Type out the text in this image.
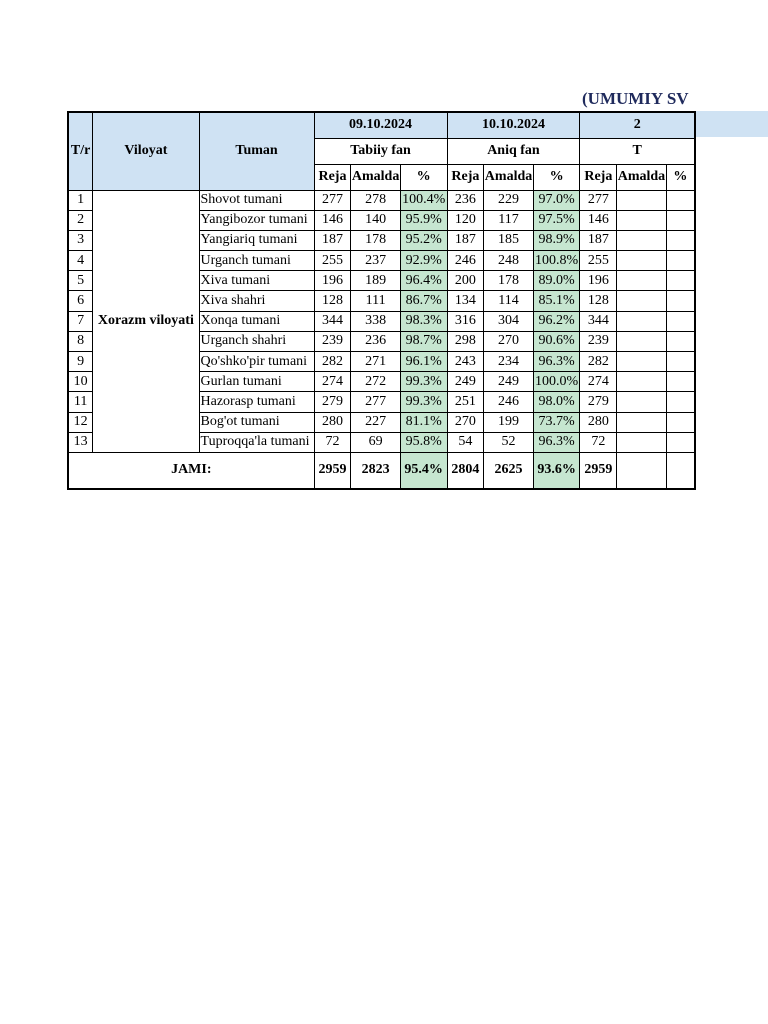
(UMUMIY SV
T/r	Viloyat	Tuman	09.10.2024			10.10.2024			2		
			Tabiiy fan			Aniq fan			T		
			Reja	Amalda	%	Reja	Amalda	%	Reja	Amalda	%
1	Xorazm viloyati	Shovot tumani	277	278	100.4%	236	229	97.0%	277		
2		Yangibozor tumani	146	140	95.9%	120	117	97.5%	146		
3		Yangiariq tumani	187	178	95.2%	187	185	98.9%	187		
4		Urganch tumani	255	237	92.9%	246	248	100.8%	255		
5		Xiva tumani	196	189	96.4%	200	178	89.0%	196		
6		Xiva shahri	128	111	86.7%	134	114	85.1%	128		
7		Xonqa tumani	344	338	98.3%	316	304	96.2%	344		
8		Urganch shahri	239	236	98.7%	298	270	90.6%	239		
9		Qo'shko'pir tumani	282	271	96.1%	243	234	96.3%	282		
10		Gurlan tumani	274	272	99.3%	249	249	100.0%	274		
11		Hazorasp tumani	279	277	99.3%	251	246	98.0%	279		
12		Bog'ot tumani	280	227	81.1%	270	199	73.7%	280		
13		Tuproqqa'la tumani	72	69	95.8%	54	52	96.3%	72		
JAMI:			2959	2823	95.4%	2804	2625	93.6%	2959		
